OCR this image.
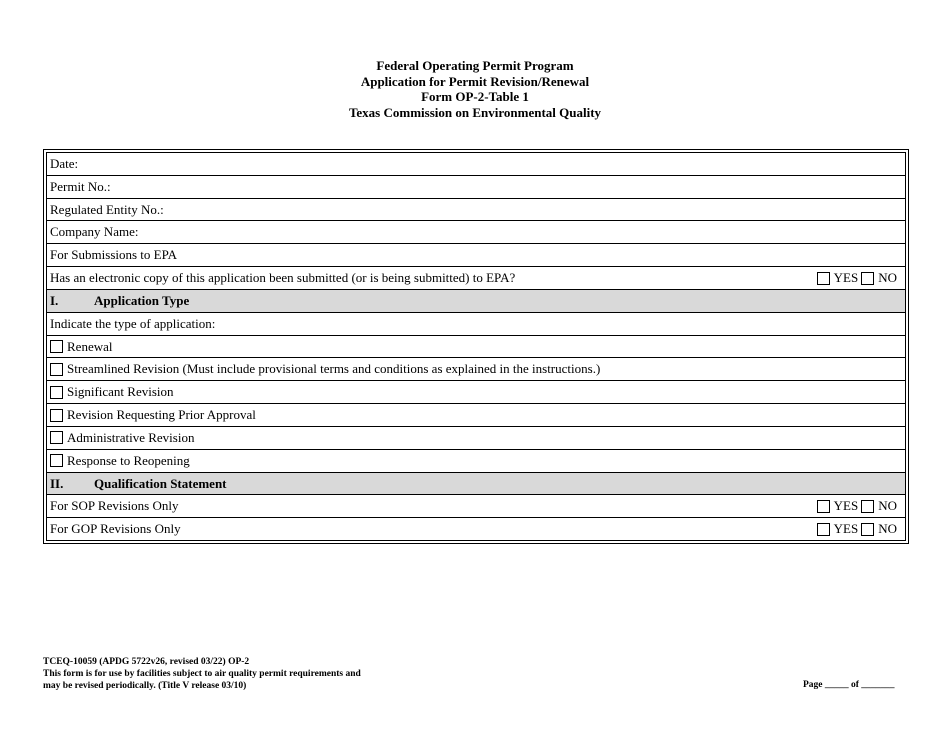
Federal Operating Permit Program
Application for Permit Revision/Renewal
Form OP-2-Table 1
Texas Commission on Environmental Quality
Date:
Permit No.:
Regulated Entity No.:
Company Name:
For Submissions to EPA
Has an electronic copy of this application been submitted (or is being submitted) to EPA?	YES NO
I.	Application Type
Indicate the type of application:
Renewal
Streamlined Revision (Must include provisional terms and conditions as explained in the instructions.)
Significant Revision
Revision Requesting Prior Approval
Administrative Revision
Response to Reopening
II.	Qualification Statement
For SOP Revisions Only	YES NO
For GOP Revisions Only	YES NO
TCEQ-10059 (APDG 5722v26, revised 03/22) OP-2
This form is for use by facilities subject to air quality permit requirements and
may be revised periodically. (Title V release 03/10)	Page _____ of _______
